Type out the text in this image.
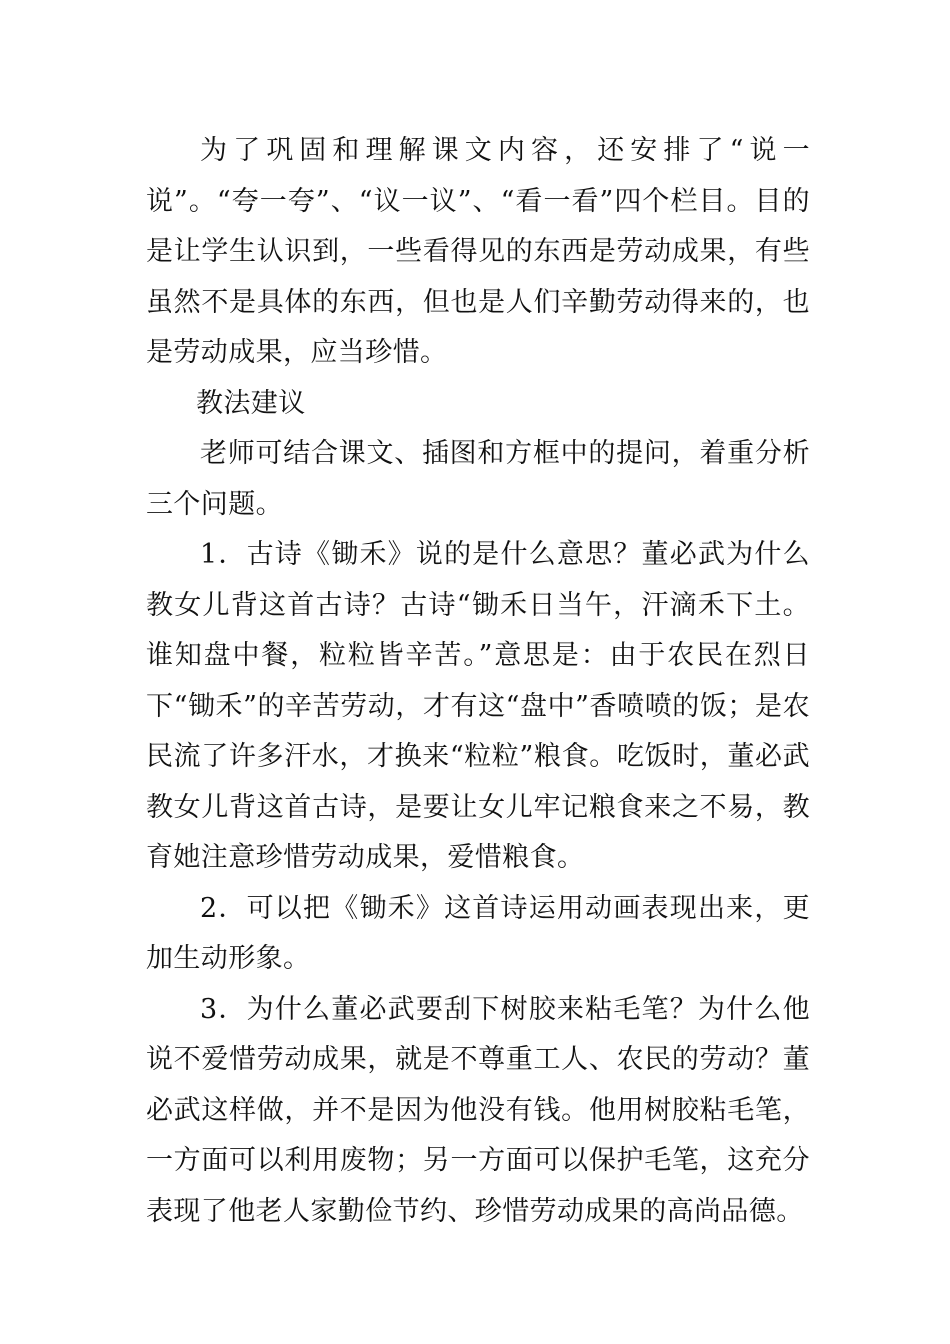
为了巩固和理解课文内容，还安排了“说一说”。“夸一夸”、“议一议”、“看一看”四个栏目。目的是让学生认识到，一些看得见的东西是劳动成果，有些虽然不是具体的东西，但也是人们辛勤劳动得来的，也是劳动成果，应当珍惜。

教法建议

老师可结合课文、插图和方框中的提问，着重分析三个问题。

1．古诗《锄禾》说的是什么意思？董必武为什么教女儿背这首古诗？古诗“锄禾日当午，汗滴禾下土。谁知盘中餐，粒粒皆辛苦。”意思是：由于农民在烈日下“锄禾”的辛苦劳动，才有这“盘中”香喷喷的饭；是农民流了许多汗水，才换来“粒粒”粮食。吃饭时，董必武教女儿背这首古诗，是要让女儿牢记粮食来之不易，教育她注意珍惜劳动成果，爱惜粮食。

2．可以把《锄禾》这首诗运用动画表现出来，更加生动形象。

3．为什么董必武要刮下树胶来粘毛笔？为什么他说不爱惜劳动成果，就是不尊重工人、农民的劳动？董必武这样做，并不是因为他没有钱。他用树胶粘毛笔，一方面可以利用废物；另一方面可以保护毛笔，这充分表现了他老人家勤俭节约、珍惜劳动成果的高尚品德。
